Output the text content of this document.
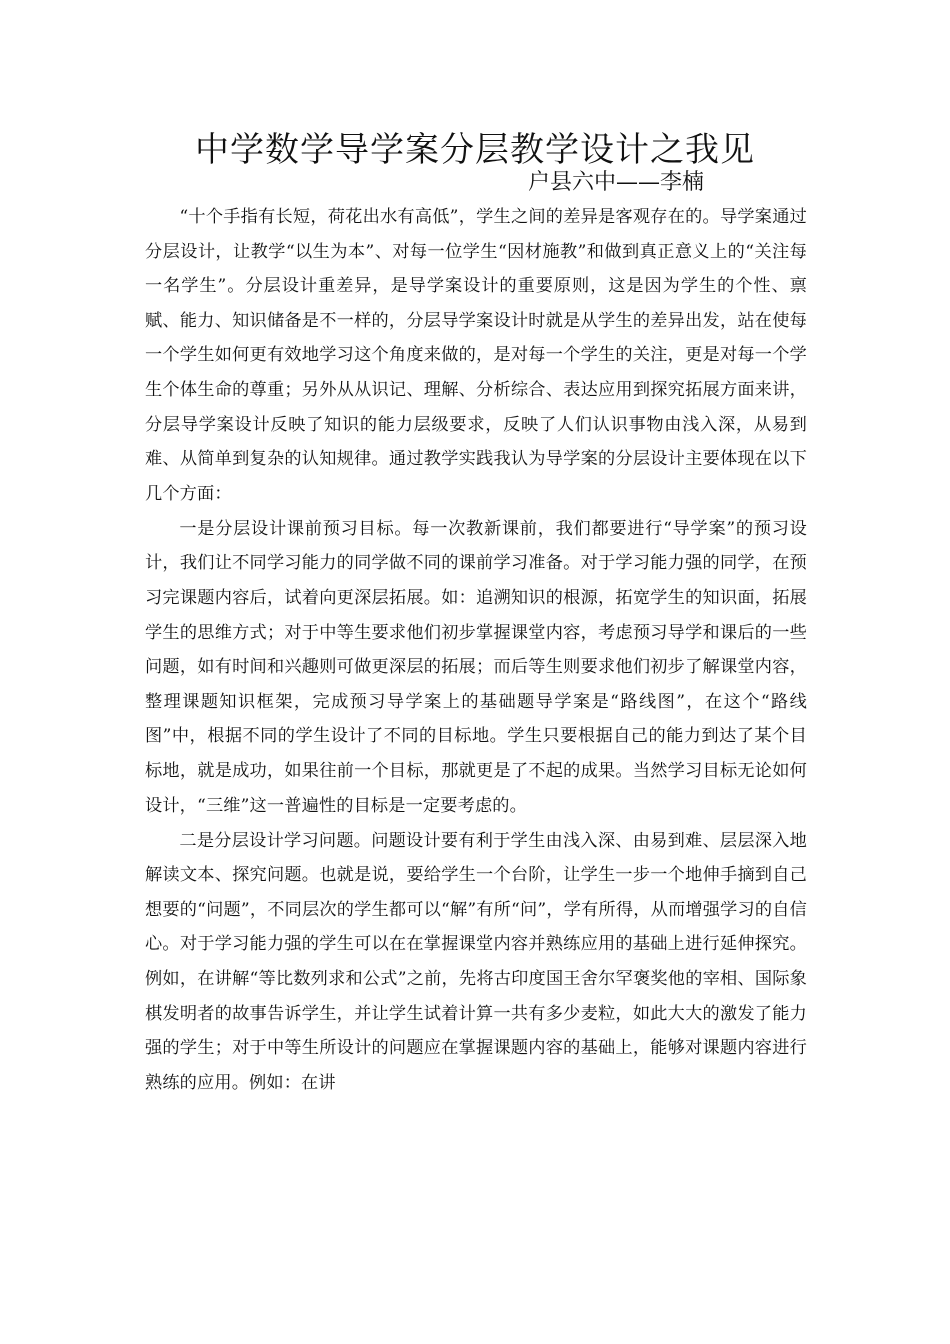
中学数学导学案分层教学设计之我见

户县六中——李楠

“十个手指有长短，荷花出水有高低”，学生之间的差异是客观存在的。导学案通过分层设计，让教学“以生为本”、对每一位学生“因材施教”和做到真正意义上的“关注每一名学生”。分层设计重差异，是导学案设计的重要原则，这是因为学生的个性、禀赋、能力、知识储备是不一样的，分层导学案设计时就是从学生的差异出发，站在使每一个学生如何更有效地学习这个角度来做的，是对每一个学生的关注，更是对每一个学生个体生命的尊重；另外从从识记、理解、分析综合、表达应用到探究拓展方面来讲，分层导学案设计反映了知识的能力层级要求，反映了人们认识事物由浅入深，从易到难、从简单到复杂的认知规律。通过教学实践我认为导学案的分层设计主要体现在以下几个方面：

一是分层设计课前预习目标。每一次教新课前，我们都要进行“导学案”的预习设计，我们让不同学习能力的同学做不同的课前学习准备。对于学习能力强的同学，在预习完课题内容后，试着向更深层拓展。如：追溯知识的根源，拓宽学生的知识面，拓展学生的思维方式；对于中等生要求他们初步掌握课堂内容，考虑预习导学和课后的一些问题，如有时间和兴趣则可做更深层的拓展；而后等生则要求他们初步了解课堂内容，整理课题知识框架，完成预习导学案上的基础题导学案是“路线图”，在这个“路线图”中，根据不同的学生设计了不同的目标地。学生只要根据自己的能力到达了某个目标地，就是成功，如果往前一个目标，那就更是了不起的成果。当然学习目标无论如何设计，“三维”这一普遍性的目标是一定要考虑的。

二是分层设计学习问题。问题设计要有利于学生由浅入深、由易到难、层层深入地解读文本、探究问题。也就是说，要给学生一个台阶，让学生一步一个地伸手摘到自己想要的“问题”，不同层次的学生都可以“解”有所“问”，学有所得，从而增强学习的自信心。对于学习能力强的学生可以在在掌握课堂内容并熟练应用的基础上进行延伸探究。例如，在讲解“等比数列求和公式”之前，先将古印度国王舍尔罕褒奖他的宰相、国际象棋发明者的故事告诉学生，并让学生试着计算一共有多少麦粒，如此大大的激发了能力强的学生；对于中等生所设计的问题应在掌握课题内容的基础上，能够对课题内容进行熟练的应用。例如：在讲
